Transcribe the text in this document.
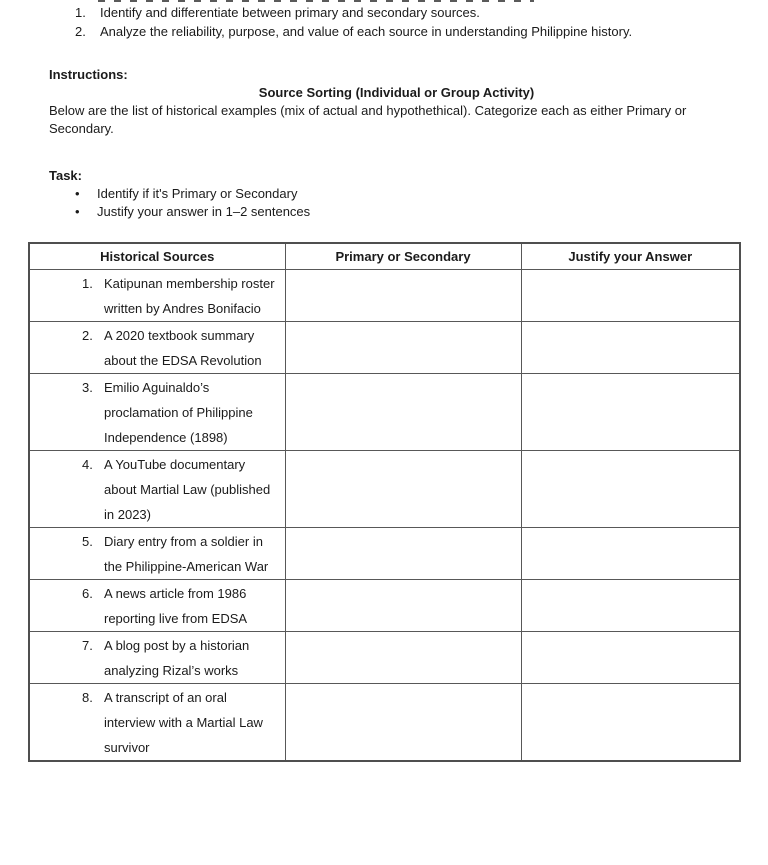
1.	Identify and differentiate between primary and secondary sources.
2.	Analyze the reliability, purpose, and value of each source in understanding Philippine history.
Instructions:
Source Sorting (Individual or Group Activity)
Below are the list of historical examples (mix of actual and hypothethical). Categorize each as either Primary or Secondary.
Task:
•	Identify if it's Primary or Secondary
•	Justify your answer in 1–2 sentences
Historical Sources	Primary or Secondary	Justify your Answer

1. Katipunan membership roster written by Andres Bonifacio		

2. A 2020 textbook summary about the EDSA Revolution		

3. Emilio Aguinaldo’s proclamation of Philippine Independence (1898)		

4. A YouTube documentary about Martial Law (published in 2023)		

5. Diary entry from a soldier in the Philippine-American War		

6. A news article from 1986 reporting live from EDSA		

7. A blog post by a historian analyzing Rizal’s works		

8. A transcript of an oral interview with a Martial Law survivor		
